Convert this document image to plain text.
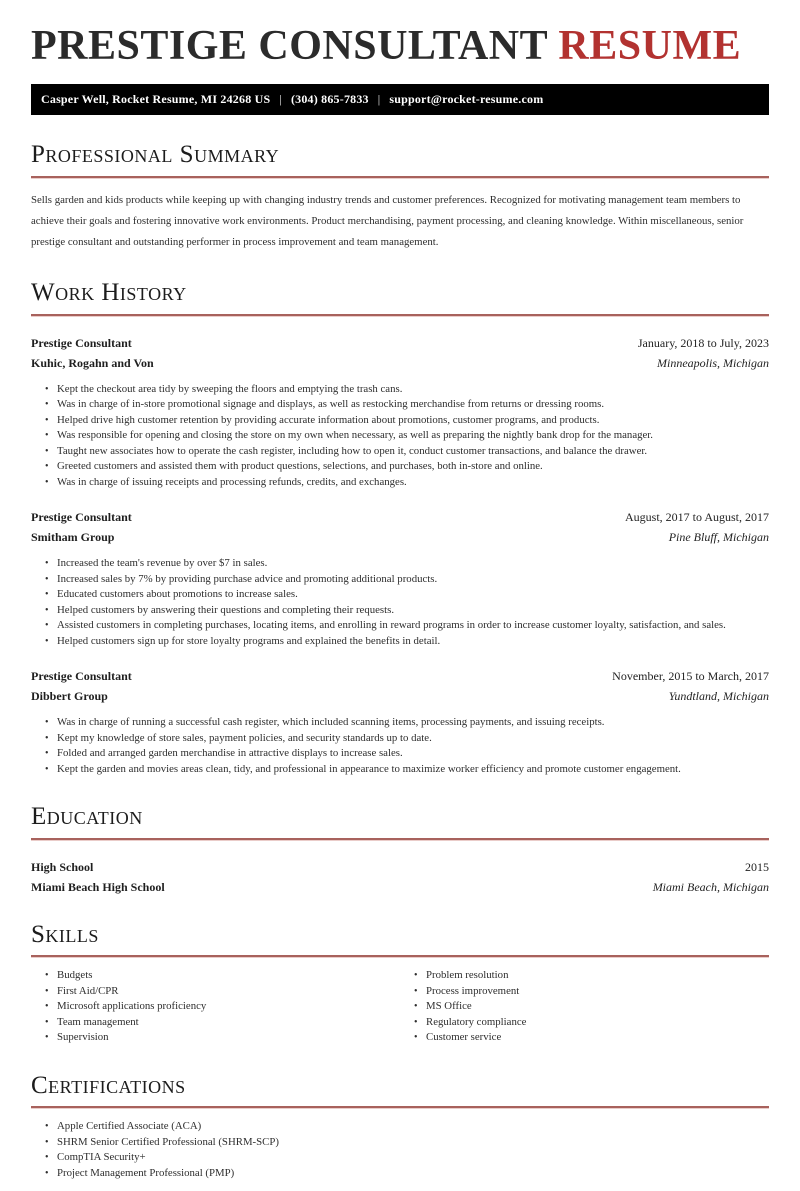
PRESTIGE CONSULTANT RESUME
Casper Well, Rocket Resume, MI 24268 US | (304) 865-7833 | support@rocket-resume.com
Professional Summary

Sells garden and kids products while keeping up with changing industry trends and customer preferences. Recognized for motivating management team members to achieve their goals and fostering innovative work environments. Product merchandising, payment processing, and cleaning knowledge. Within miscellaneous, senior prestige consultant and outstanding performer in process improvement and team management.

Work History
Prestige Consultant	January, 2018 to July, 2023
Kuhic, Rogahn and Von	Minneapolis, Michigan
• Kept the checkout area tidy by sweeping the floors and emptying the trash cans.
• Was in charge of in-store promotional signage and displays, as well as restocking merchandise from returns or dressing rooms.
• Helped drive high customer retention by providing accurate information about promotions, customer programs, and products.
• Was responsible for opening and closing the store on my own when necessary, as well as preparing the nightly bank drop for the manager.
• Taught new associates how to operate the cash register, including how to open it, conduct customer transactions, and balance the drawer.
• Greeted customers and assisted them with product questions, selections, and purchases, both in-store and online.
• Was in charge of issuing receipts and processing refunds, credits, and exchanges.
Prestige Consultant	August, 2017 to August, 2017
Smitham Group	Pine Bluff, Michigan
• Increased the team's revenue by over $7 in sales.
• Increased sales by 7% by providing purchase advice and promoting additional products.
• Educated customers about promotions to increase sales.
• Helped customers by answering their questions and completing their requests.
• Assisted customers in completing purchases, locating items, and enrolling in reward programs in order to increase customer loyalty, satisfaction, and sales.
• Helped customers sign up for store loyalty programs and explained the benefits in detail.
Prestige Consultant	November, 2015 to March, 2017
Dibbert Group	Yundtland, Michigan
• Was in charge of running a successful cash register, which included scanning items, processing payments, and issuing receipts.
• Kept my knowledge of store sales, payment policies, and security standards up to date.
• Folded and arranged garden merchandise in attractive displays to increase sales.
• Kept the garden and movies areas clean, tidy, and professional in appearance to maximize worker efficiency and promote customer engagement.
Education
High School	2015
Miami Beach High School	Miami Beach, Michigan
Skills
• Budgets
• First Aid/CPR
• Microsoft applications proficiency
• Team management
• Supervision
• Problem resolution
• Process improvement
• MS Office
• Regulatory compliance
• Customer service
Certifications
• Apple Certified Associate (ACA)
• SHRM Senior Certified Professional (SHRM-SCP)
• CompTIA Security+
• Project Management Professional (PMP)
